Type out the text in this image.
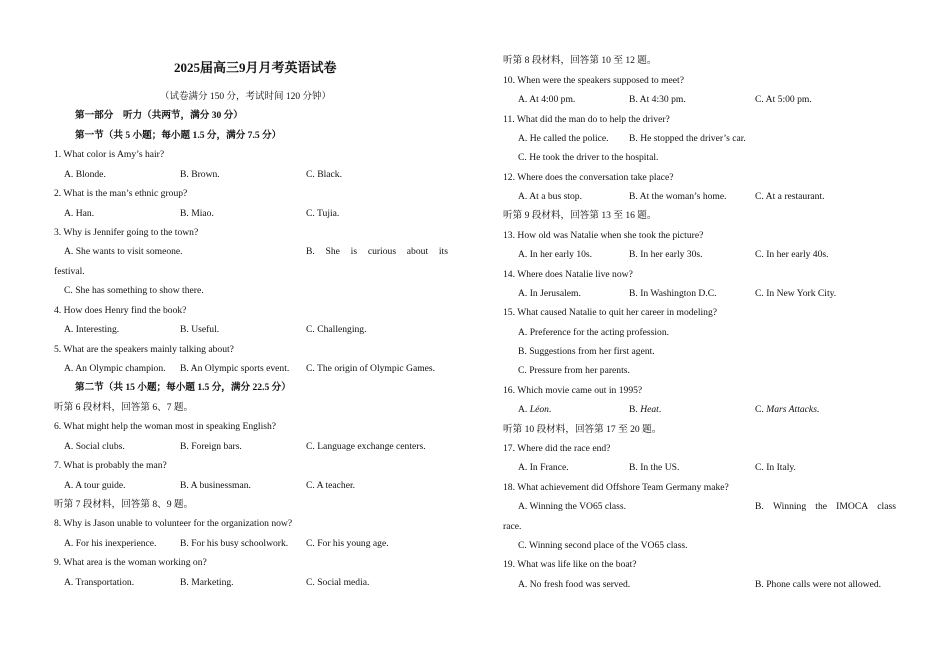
2025届高三9月月考英语试卷
（试卷满分 150 分，考试时间 120 分钟）
第一部分　听力（共两节，满分 30 分）
第一节（共 5 小题；每小题 1.5 分，满分 7.5 分）
1. What color is Amy’s hair?
A. Blonde.	B. Brown.	C. Black.
2. What is the man’s ethnic group?
A. Han.	B. Miao.	C. Tujia.
3. Why is Jennifer going to the town?
A. She wants to visit someone.	B. She is curious about its
festival.
C. She has something to show there.
4. How does Henry find the book?
A. Interesting.	B. Useful.	C. Challenging.
5. What are the speakers mainly talking about?
A. An Olympic champion. B. An Olympic sports event. C. The origin of Olympic Games.
第二节（共 15 小题；每小题 1.5 分，满分 22.5 分）
听第 6 段材料，回答第 6、7 题。
6. What might help the woman most in speaking English?
A. Social clubs.	B. Foreign bars.	C. Language exchange centers.
7. What is probably the man?
A. A tour guide.	B. A businessman.	C. A teacher.
听第 7 段材料，回答第 8、9 题。
8. Why is Jason unable to volunteer for the organization now?
A. For his inexperience. B. For his busy schoolwork. C. For his young age.
9. What area is the woman working on?
A. Transportation.	B. Marketing.	C. Social media.
听第 8 段材料，回答第 10 至 12 题。
10. When were the speakers supposed to meet?
A. At 4:00 pm.	B. At 4:30 pm.	C. At 5:00 pm.
11. What did the man do to help the driver?
A. He called the police. B. He stopped the driver’s car.
C. He took the driver to the hospital.
12. Where does the conversation take place?
A. At a bus stop.	B. At the woman’s home.	C. At a restaurant.
听第 9 段材料，回答第 13 至 16 题。
13. How old was Natalie when she took the picture?
A. In her early 10s.	B. In her early 30s.	C. In her early 40s.
14. Where does Natalie live now?
A. In Jerusalem.	B. In Washington D.C.	C. In New York City.
15. What caused Natalie to quit her career in modeling?
A. Preference for the acting profession.
B. Suggestions from her first agent.
C. Pressure from her parents.
16. Which movie came out in 1995?
A. Léon.	B. Heat.	C. Mars Attacks.
听第 10 段材料，回答第 17 至 20 题。
17. Where did the race end?
A. In France.	B. In the US.	C. In Italy.
18. What achievement did Offshore Team Germany make?
A. Winning the VO65 class.	B. Winning the IMOCA class
race.
C. Winning second place of the VO65 class.
19. What was life like on the boat?
A. No fresh food was served.	B. Phone calls were not allowed.
